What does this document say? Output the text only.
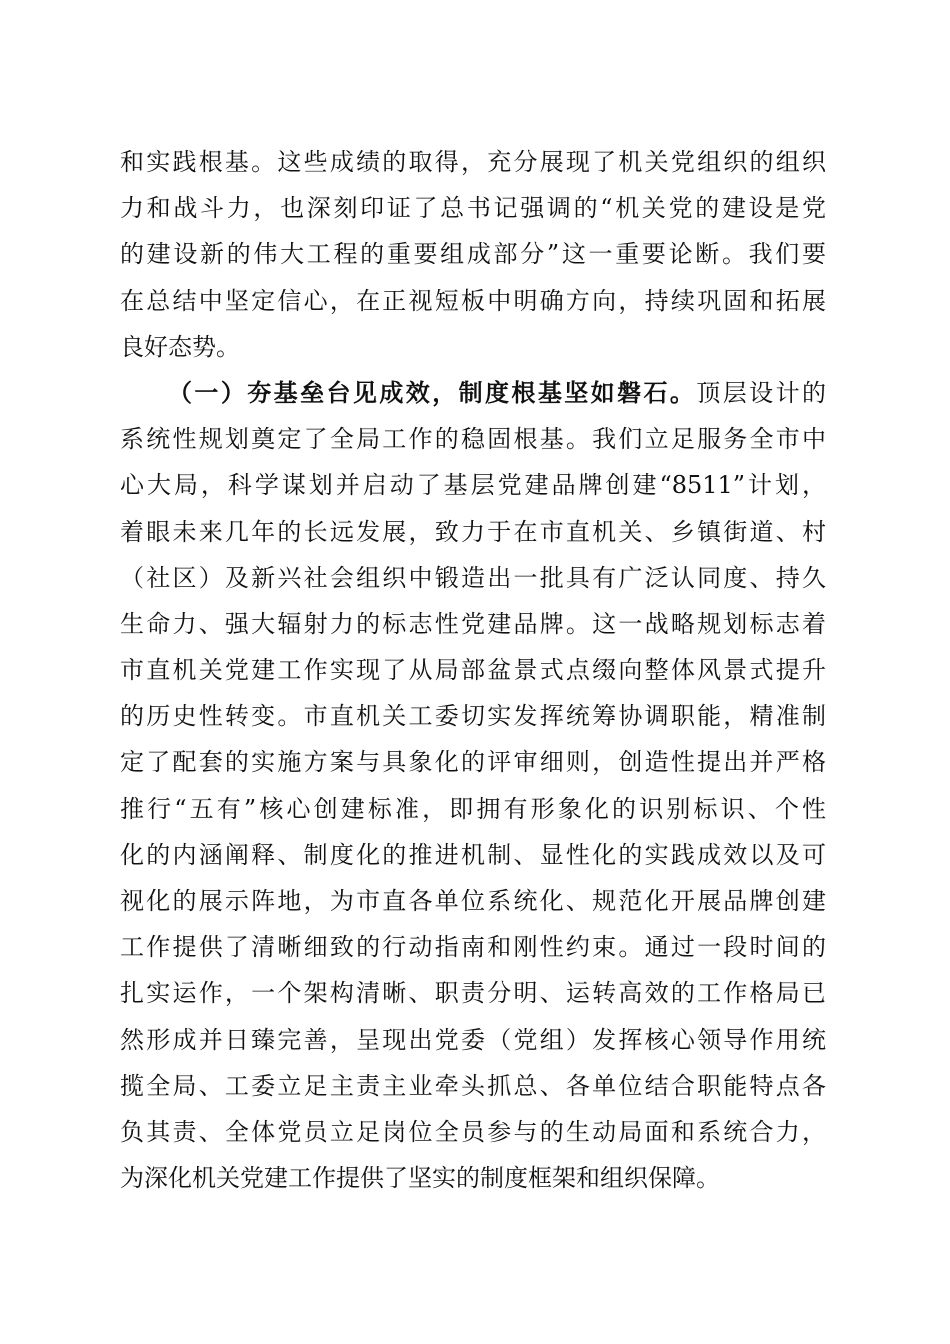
和实践根基。这些成绩的取得，充分展现了机关党组织的组织
力和战斗力，也深刻印证了总书记强调的“机关党的建设是党
的建设新的伟大工程的重要组成部分”这一重要论断。我们要
在总结中坚定信心，在正视短板中明确方向，持续巩固和拓展
良好态势。
（一）夯基垒台见成效，制度根基坚如磐石。顶层设计的
系统性规划奠定了全局工作的稳固根基。我们立足服务全市中
心大局，科学谋划并启动了基层党建品牌创建“8511”计划，
着眼未来几年的长远发展，致力于在市直机关、乡镇街道、村
（社区）及新兴社会组织中锻造出一批具有广泛认同度、持久
生命力、强大辐射力的标志性党建品牌。这一战略规划标志着
市直机关党建工作实现了从局部盆景式点缀向整体风景式提升
的历史性转变。市直机关工委切实发挥统筹协调职能，精准制
定了配套的实施方案与具象化的评审细则，创造性提出并严格
推行“五有”核心创建标准，即拥有形象化的识别标识、个性
化的内涵阐释、制度化的推进机制、显性化的实践成效以及可
视化的展示阵地，为市直各单位系统化、规范化开展品牌创建
工作提供了清晰细致的行动指南和刚性约束。通过一段时间的
扎实运作，一个架构清晰、职责分明、运转高效的工作格局已
然形成并日臻完善，呈现出党委（党组）发挥核心领导作用统
揽全局、工委立足主责主业牵头抓总、各单位结合职能特点各
负其责、全体党员立足岗位全员参与的生动局面和系统合力，
为深化机关党建工作提供了坚实的制度框架和组织保障。
